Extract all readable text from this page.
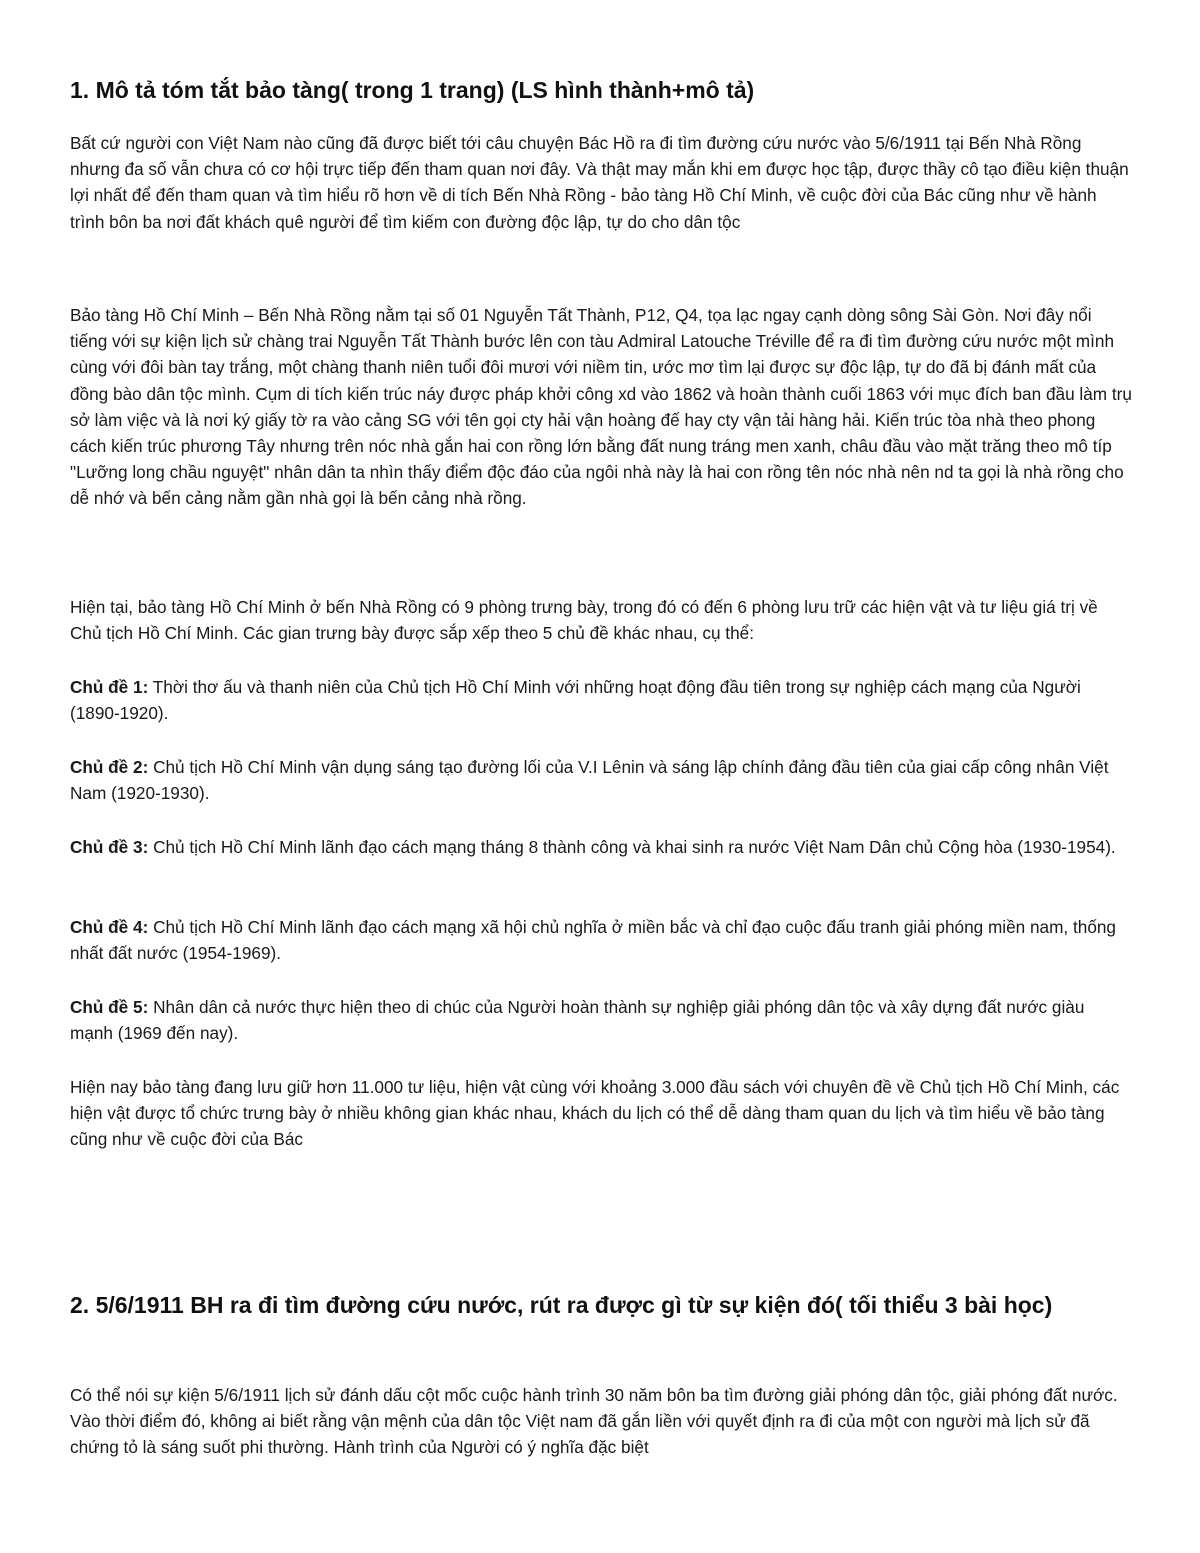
1. Mô tả tóm tắt bảo tàng( trong 1 trang) (LS hình thành+mô tả)

Bất cứ người con Việt Nam nào cũng đã được biết tới câu chuyện Bác Hồ ra đi tìm đường cứu nước vào 5/6/1911 tại Bến Nhà Rồng nhưng đa số vẫn chưa có cơ hội trực tiếp đến tham quan nơi đây. Và thật may mắn khi em được học tập, được thầy cô tạo điều kiện thuận lợi nhất để đến tham quan và tìm hiểu rõ hơn về di tích Bến Nhà Rồng - bảo tàng Hồ Chí Minh, về cuộc đời của Bác cũng như về hành trình bôn ba nơi đất khách quê người để tìm kiếm con đường độc lập, tự do cho dân tộc

Bảo tàng Hồ Chí Minh – Bến Nhà Rồng nằm tại số 01 Nguyễn Tất Thành, P12, Q4, tọa lạc ngay cạnh dòng sông Sài Gòn. Nơi đây nổi tiếng với sự kiện lịch sử chàng trai Nguyễn Tất Thành bước lên con tàu Admiral Latouche Tréville để ra đi tìm đường cứu nước một mình cùng với đôi bàn tay trắng, một chàng thanh niên tuổi đôi mươi với niềm tin, ước mơ tìm lại được sự độc lập, tự do đã bị đánh mất của đồng bào dân tộc mình. Cụm di tích kiến trúc náy được pháp khởi công xd vào 1862 và hoàn thành cuối 1863 với mục đích ban đầu làm trụ sở làm việc và là nơi ký giấy tờ ra vào cảng SG với tên gọi cty hải vận hoàng đế hay cty vận tải hàng hải. Kiến trúc tòa nhà theo phong cách kiến trúc phương Tây nhưng trên nóc nhà gắn hai con rồng lớn bằng đất nung tráng men xanh, châu đầu vào mặt trăng theo mô típ "Lưỡng long chầu nguyệt" nhân dân ta nhìn thấy điểm độc đáo của ngôi nhà này là hai con rồng tên nóc nhà nên nd ta gọi là nhà rồng cho dễ nhớ và bến cảng nằm gần nhà gọi là bến cảng nhà rồng.

Hiện tại, bảo tàng Hồ Chí Minh ở bến Nhà Rồng có 9 phòng trưng bày, trong đó có đến 6 phòng lưu trữ các hiện vật và tư liệu giá trị về Chủ tịch Hồ Chí Minh. Các gian trưng bày được sắp xếp theo 5 chủ đề khác nhau, cụ thể:

Chủ đề 1: Thời thơ ấu và thanh niên của Chủ tịch Hồ Chí Minh với những hoạt động đầu tiên trong sự nghiệp cách mạng của Người (1890-1920).

Chủ đề 2: Chủ tịch Hồ Chí Minh vận dụng sáng tạo đường lối của V.I Lênin và sáng lập chính đảng đầu tiên của giai cấp công nhân Việt Nam (1920-1930).

Chủ đề 3: Chủ tịch Hồ Chí Minh lãnh đạo cách mạng tháng 8 thành công và khai sinh ra nước Việt Nam Dân chủ Cộng hòa (1930-1954).

Chủ đề 4: Chủ tịch Hồ Chí Minh lãnh đạo cách mạng xã hội chủ nghĩa ở miền bắc và chỉ đạo cuộc đấu tranh giải phóng miền nam, thống nhất đất nước (1954-1969).

Chủ đề 5: Nhân dân cả nước thực hiện theo di chúc của Người hoàn thành sự nghiệp giải phóng dân tộc và xây dựng đất nước giàu mạnh (1969 đến nay).

Hiện nay bảo tàng đang lưu giữ hơn 11.000 tư liệu, hiện vật cùng với khoảng 3.000 đầu sách với chuyên đề về Chủ tịch Hồ Chí Minh, các hiện vật được tổ chức trưng bày ở nhiều không gian khác nhau, khách du lịch có thể dễ dàng tham quan du lịch và tìm hiểu về bảo tàng cũng như về cuộc đời của Bác

2. 5/6/1911 BH ra đi tìm đường cứu nước, rút ra được gì từ sự kiện đó( tối thiểu 3 bài học)

Có thể nói sự kiện 5/6/1911 lịch sử đánh dấu cột mốc cuộc hành trình 30 năm bôn ba tìm đường giải phóng dân tộc, giải phóng đất nước. Vào thời điểm đó, không ai biết rằng vận mệnh của dân tộc Việt nam đã gắn liền với quyết định ra đi của một con người mà lịch sử đã chứng tỏ là sáng suốt phi thường. Hành trình của Người có ý nghĩa đặc biệt
